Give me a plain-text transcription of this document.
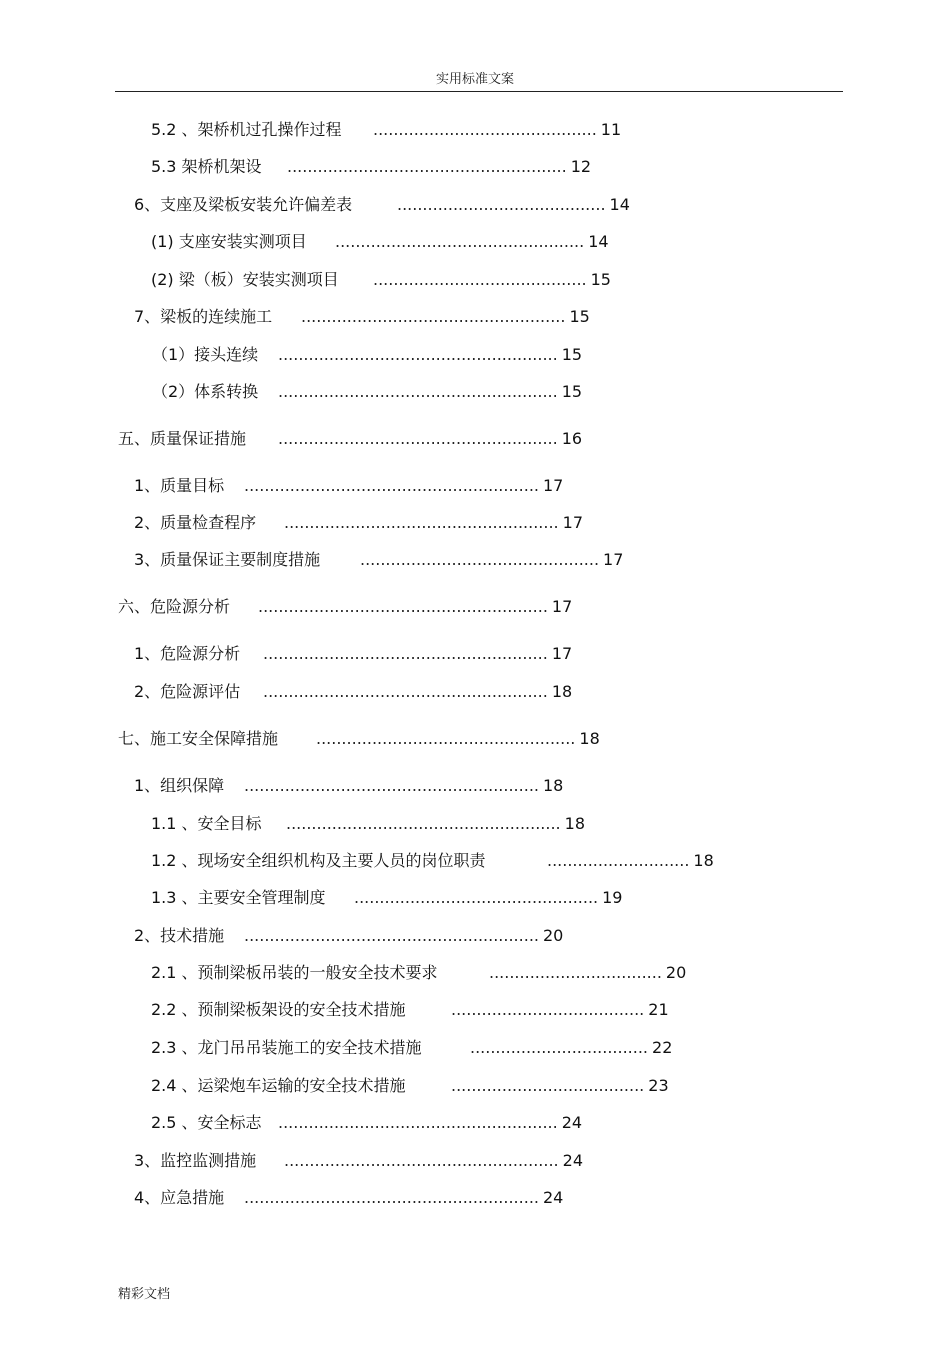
实用标准文案
5.2 、架桥机过孔操作过程 ............................................ 11
5.3 架桥机架设 ....................................................... 12
6、支座及梁板安装允许偏差表	......................................... 14
(1) 支座安装实测项目 ................................................. 14
(2) 梁（板）安装实测项目 .......................................... 15
7、梁板的连续施工 .................................................... 15
（1）接头连续 ....................................................... 15
（2）体系转换 ....................................................... 15
五、质量保证措施 ....................................................... 16
1、质量目标 .......................................................... 17
2、质量检查程序 ...................................................... 17
3、质量保证主要制度措施 ............................................... 17
六、危险源分析 ......................................................... 17
1、危险源分析 ........................................................ 17
2、危险源评估 ........................................................ 18
七、施工安全保障措施 ................................................... 18
1、组织保障 .......................................................... 18
1.1 、安全目标 ...................................................... 18
1.2 、现场安全组织机构及主要人员的岗位职责	............................ 18
1.3 、主要安全管理制度 ................................................ 19
2、技术措施 .......................................................... 20
2.1 、预制梁板吊装的一般安全技术要求	.................................. 20
2.2 、预制梁板架设的安全技术措施	...................................... 21
2.3 、龙门吊吊装施工的安全技术措施	................................... 22
2.4 、运梁炮车运输的安全技术措施	...................................... 23
2.5 、安全标志 ....................................................... 24
3、监控监测措施 ...................................................... 24
4、应急措施 .......................................................... 24
精彩文档
